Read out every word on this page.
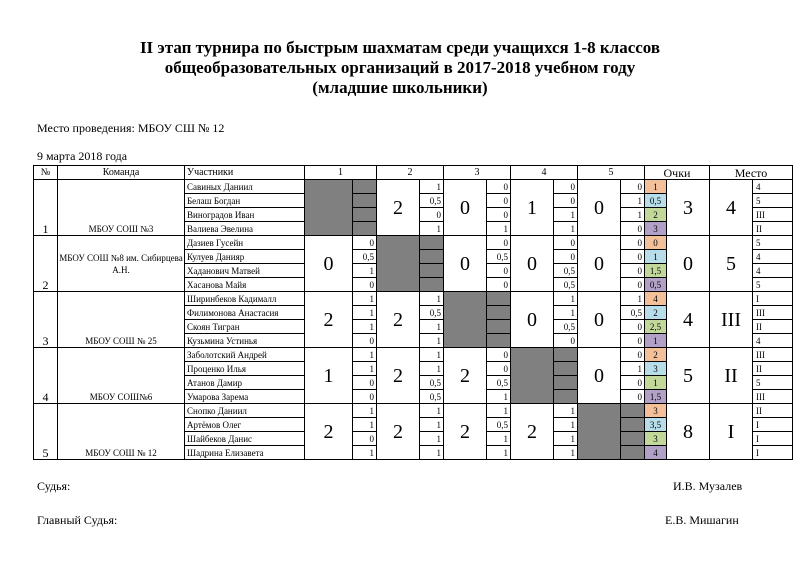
II этап турнира по быстрым шахматам среди учащихся 1-8 классов
общеобразовательных организаций в 2017-2018 учебном году
(младшие школьники)
Место проведения: МБОУ СШ № 12
9 марта 2018 года
№	Команда	Участники	1		2		3		4		5		Очки		Место	
1	МБОУ СОШ №3	Савиных Даниил			2	1	0	0	1	0	0	0	1	3	4	4
		Белаш Богдан				0,5		0		0		1	0,5			5
		Виноградов Иван				0		0		1		1	2			III
		Валиева Эвелина				1		1		1		0	3			II
2	МБОУ СОШ №8 им. Сибирцева А.Н.	Дазиев Гусейн	0	0			0	0	0	0	0	0	0	0	5	5
		Кулуев Данияр		0,5				0,5		0		0	1			4
		Хаданович Матвей		1				0		0,5		0	1,5			4
		Хасанова Майя		0				0		0,5		0	0,5			5
3	МБОУ СОШ № 25	Ширинбеков Кадималл	2	1	2	1			0	1	0	1	4	4	III	I
		Филимонова Анастасия		1		0,5				1		0,5	2			III
		Скоян Тигран		1		1				0,5		0	2,5			II
		Кузьмина Устинья		0		1				0		0	1			4
4	МБОУ СОШ№6	Заболотский Андрей	1	1	2	1	2	0			0	0	2	5	II	III
		Проценко Илья		1		1		0				1	3			II
		Атанов Дамир		0		0,5		0,5				0	1			5
		Умарова Зарема		0		0,5		1				0	1,5			III
5	МБОУ СОШ № 12	Снопко Даниил	2	1	2	1	2	1	2	1			3	8	I	II
		Артёмов Олег		1		1		0,5		1			3,5			I
		Шайбеков Данис		0		1		1		1			3			I
		Шадрина Елизавета		1		1		1		1			4			I
Судья:	И.В. Музалев
Главный Судья:	Е.В. Мишагин
